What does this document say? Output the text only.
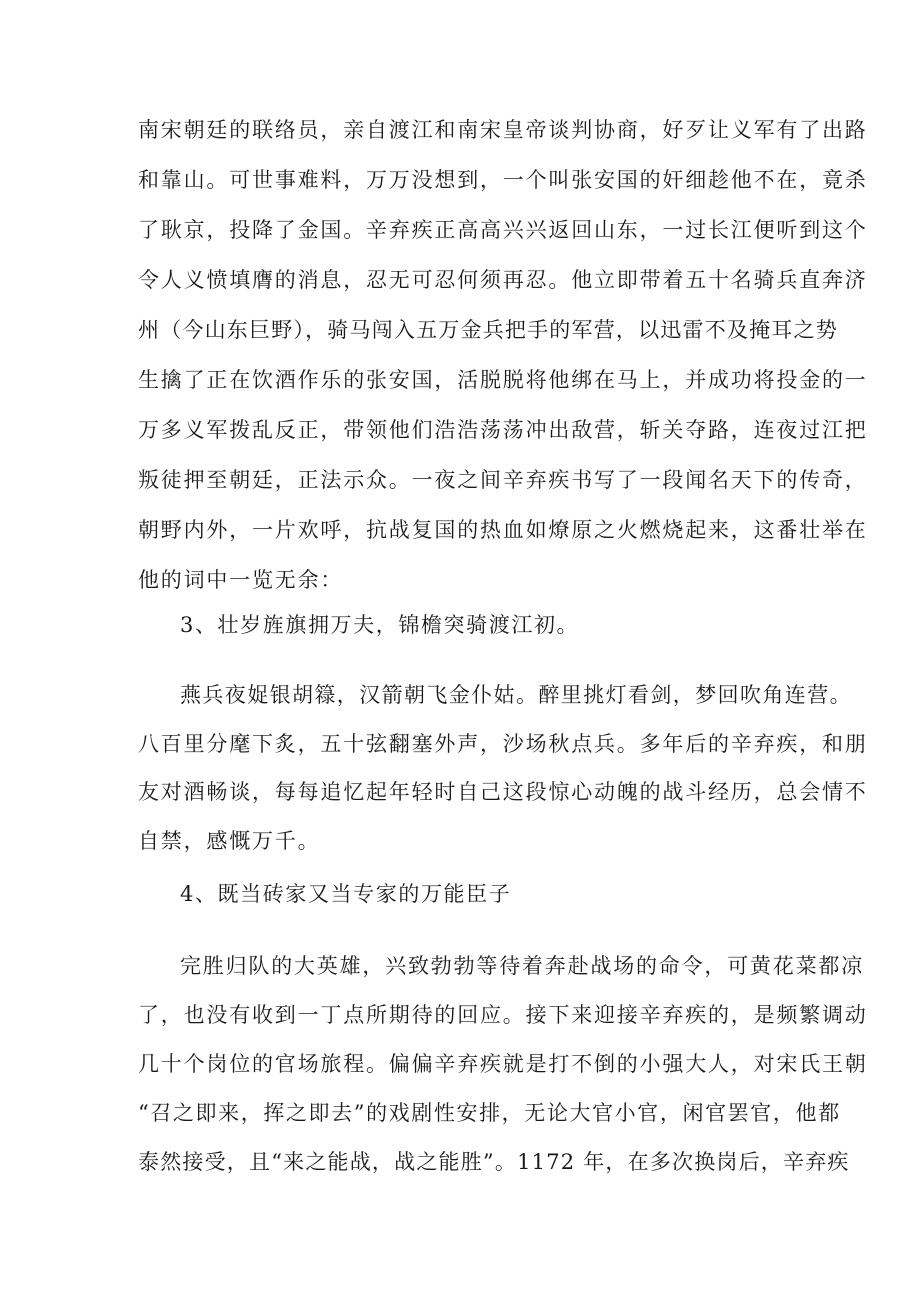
南宋朝廷的联络员，亲自渡江和南宋皇帝谈判协商，好歹让义军有了出路

和靠山。可世事难料，万万没想到，一个叫张安国的奸细趁他不在，竟杀

了耿京，投降了金国。辛弃疾正高高兴兴返回山东，一过长江便听到这个

令人义愤填膺的消息，忍无可忍何须再忍。他立即带着五十名骑兵直奔济

州（今山东巨野），骑马闯入五万金兵把手的军营，以迅雷不及掩耳之势

生擒了正在饮酒作乐的张安国，活脱脱将他绑在马上，并成功将投金的一

万多义军拨乱反正，带领他们浩浩荡荡冲出敌营，斩关夺路，连夜过江把

叛徒押至朝廷，正法示众。一夜之间辛弃疾书写了一段闻名天下的传奇，

朝野内外，一片欢呼，抗战复国的热血如燎原之火燃烧起来，这番壮举在

他的词中一览无余：

3、壮岁旌旗拥万夫，锦檐突骑渡江初。

燕兵夜娖银胡簶，汉箭朝飞金仆姑。醉里挑灯看剑，梦回吹角连营。

八百里分麾下炙，五十弦翻塞外声，沙场秋点兵。多年后的辛弃疾，和朋

友对酒畅谈，每每追忆起年轻时自己这段惊心动魄的战斗经历，总会情不

自禁，感慨万千。

4、既当砖家又当专家的万能臣子

完胜归队的大英雄，兴致勃勃等待着奔赴战场的命令，可黄花菜都凉

了，也没有收到一丁点所期待的回应。接下来迎接辛弃疾的，是频繁调动

几十个岗位的官场旅程。偏偏辛弃疾就是打不倒的小强大人，对宋氏王朝

“召之即来，挥之即去”的戏剧性安排，无论大官小官，闲官罢官，他都

泰然接受，且“来之能战，战之能胜”。1172 年，在多次换岗后，辛弃疾
